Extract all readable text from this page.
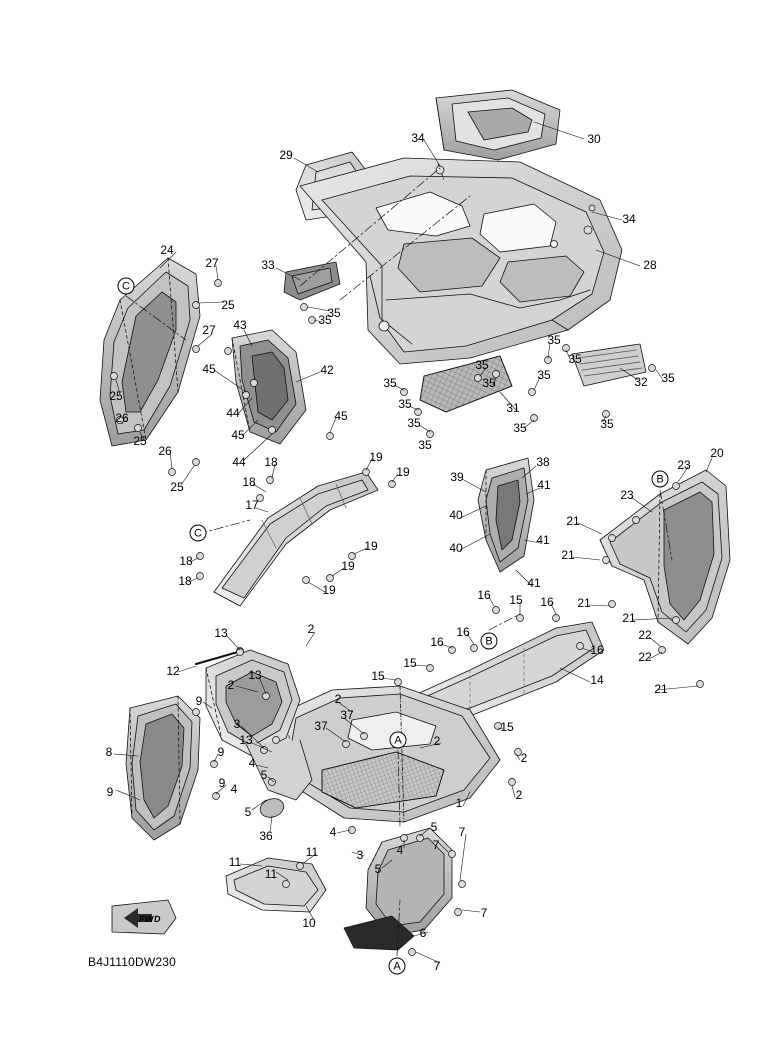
B4J1110DW230
FWD
34	30
29
34
24
27	33	28
25
35
35
27 43
45	42	35
35
35
35	35
25
35	35	32
26	44	45
31
35
35
45
25
26
35	35
44
25
35
18	19
19
38
39
23
20
41
23
18
17
40	21
19	41
21
40
18	19
18	41
19
21
16 15 16
21
22
13	2	16
16
16	22
12
2
13
15
15	14
21
9	2
3	37
37
13
15
8	9
2
4
5
2
9
9 4
5
2
1
36	4	5 7
11
11	3	4 7
11	5
7
10
6
7
C
C
B
B
A
A
